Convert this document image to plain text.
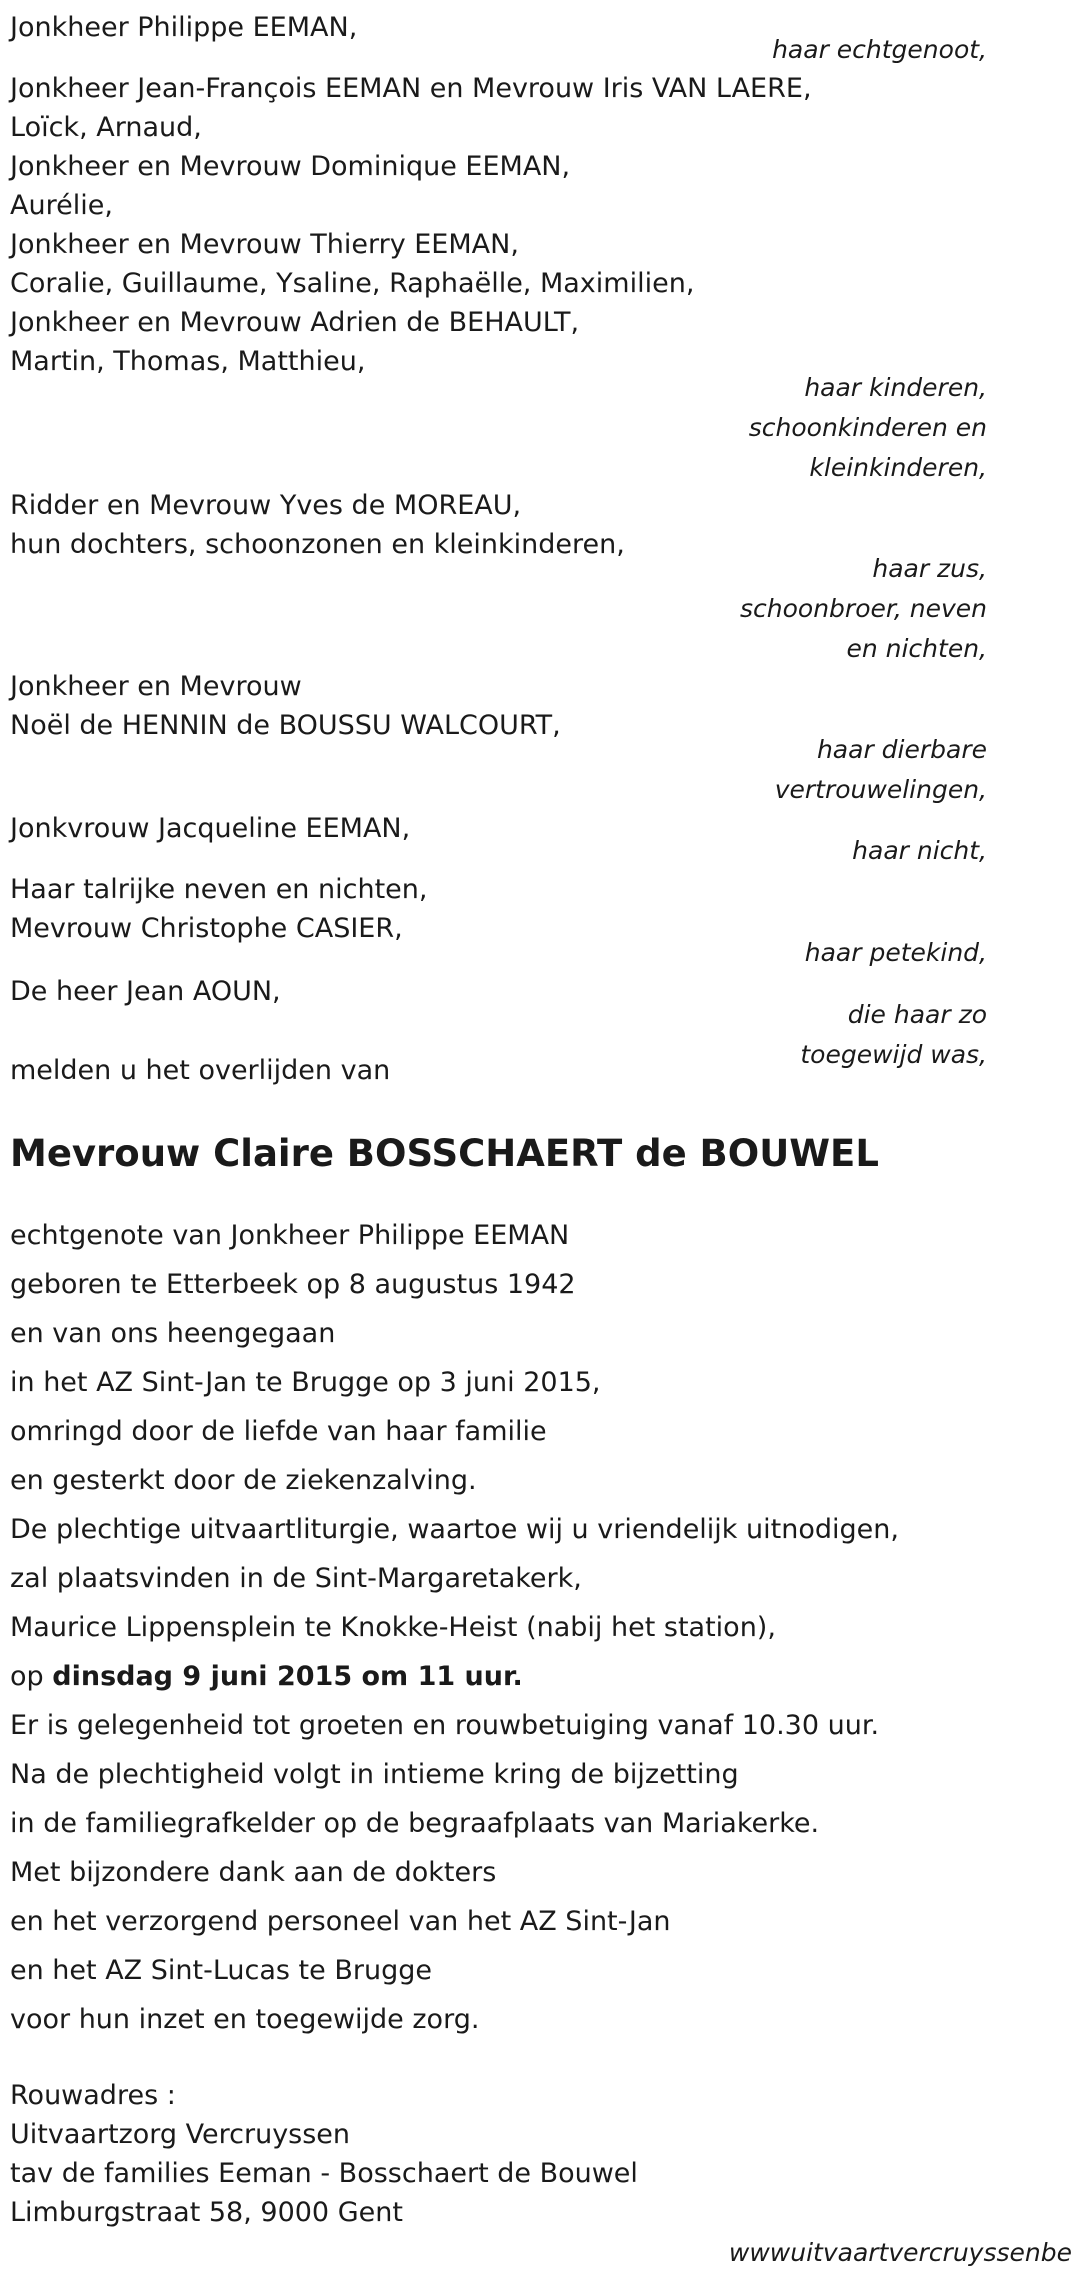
Jonkheer Philippe EEMAN,
haar echtgenoot,
Jonkheer Jean-François EEMAN en Mevrouw Iris VAN LAERE,
Loïck, Arnaud,
Jonkheer en Mevrouw Dominique EEMAN,
Aurélie,
Jonkheer en Mevrouw Thierry EEMAN,
Coralie, Guillaume, Ysaline, Raphaëlle, Maximilien,
Jonkheer en Mevrouw Adrien de BEHAULT,
Martin, Thomas, Matthieu,
haar kinderen,
schoonkinderen en
kleinkinderen,
Ridder en Mevrouw Yves de MOREAU,
hun dochters, schoonzonen en kleinkinderen,
haar zus,
schoonbroer, neven
en nichten,
Jonkheer en Mevrouw
Noël de HENNIN de BOUSSU WALCOURT,
haar dierbare
vertrouwelingen,
Jonkvrouw Jacqueline EEMAN,
haar nicht,
Haar talrijke neven en nichten,
Mevrouw Christophe CASIER,
haar petekind,
De heer Jean AOUN,
die haar zo
toegewijd was,
melden u het overlijden van
Mevrouw Claire BOSSCHAERT de BOUWEL
echtgenote van Jonkheer Philippe EEMAN
geboren te Etterbeek op 8 augustus 1942
en van ons heengegaan
in het AZ Sint-Jan te Brugge op 3 juni 2015,
omringd door de liefde van haar familie
en gesterkt door de ziekenzalving.
De plechtige uitvaartliturgie, waartoe wij u vriendelijk uitnodigen,
zal plaatsvinden in de Sint-Margaretakerk,
Maurice Lippensplein te Knokke-Heist (nabij het station),
op dinsdag 9 juni 2015 om 11 uur.
Er is gelegenheid tot groeten en rouwbetuiging vanaf 10.30 uur.
Na de plechtigheid volgt in intieme kring de bijzetting
in de familiegrafkelder op de begraafplaats van Mariakerke.
Met bijzondere dank aan de dokters
en het verzorgend personeel van het AZ Sint-Jan
en het AZ Sint-Lucas te Brugge
voor hun inzet en toegewijde zorg.
Rouwadres :
Uitvaartzorg Vercruyssen
tav de families Eeman - Bosschaert de Bouwel
Limburgstraat 58, 9000 Gent
wwwuitvaartvercruyssenbe
